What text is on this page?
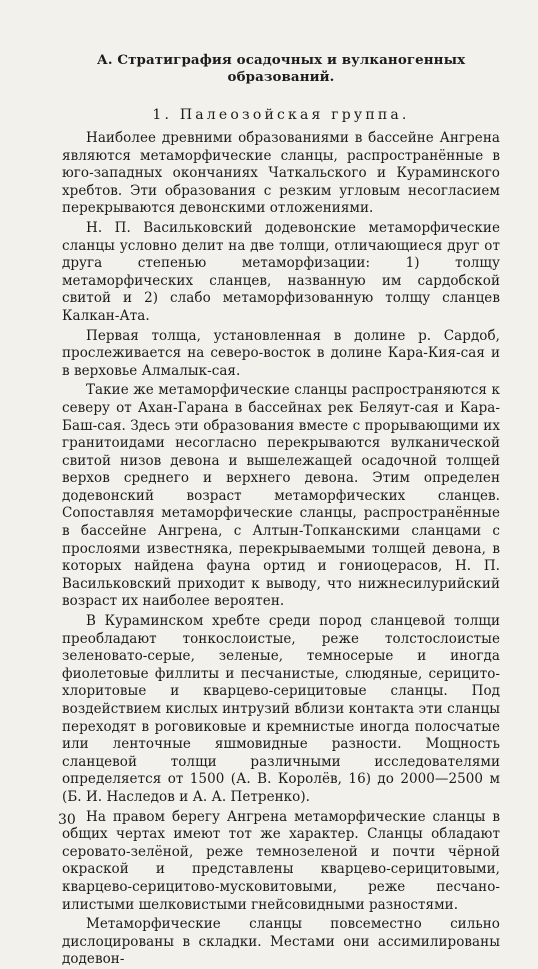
А. Стратиграфия осадочных и вулканогенных образований.
1. Палеозойская группа.

Наиболее древними образованиями в бассейне Ангрена являются метаморфические сланцы, распространённые в юго-западных окончаниях Чаткальского и Кураминского хребтов. Эти образования с резким угловым несогласием перекрываются девонскими отложениями.

Н. П. Васильковский додевонские метаморфические сланцы условно делит на две толщи, отличающиеся друг от друга степенью метаморфизации: 1) толщу метаморфических сланцев, названную им сардобской свитой и 2) слабо метаморфизованную толщу сланцев Калкан-Ата.

Первая толща, установленная в долине р. Сардоб, прослеживается на северо-восток в долине Кара-Кия-сая и в верховье Алмалык-сая.

Такие же метаморфические сланцы распространяются к северу от Ахан-Гарана в бассейнах рек Беляут-сая и Кара-Баш-сая. Здесь эти образования вместе с прорывающими их гранитоидами несогласно перекрываются вулканической свитой низов девона и вышележащей осадочной толщей верхов среднего и верхнего девона. Этим определен додевонский возраст метаморфических сланцев. Сопоставляя метаморфические сланцы, распространённые в бассейне Ангрена, с Алтын-Топканскими сланцами с прослоями известняка, перекрываемыми толщей девона, в которых найдена фауна ортид и гониоцерасов, Н. П. Васильковский приходит к выводу, что нижнесилурийский возраст их наиболее вероятен.

В Кураминском хребте среди пород сланцевой толщи преобладают тонкослоистые, реже толстослоистые зеленовато-серые, зеленые, темносерые и иногда фиолетовые филлиты и песчанистые, слюдяные, серицито-хлоритовые и кварцево-серицитовые сланцы. Под воздействием кислых интрузий вблизи контакта эти сланцы переходят в роговиковые и кремнистые иногда полосчатые или ленточные яшмовидные разности. Мощность сланцевой толщи различными исследователями определяется от 1500 (А. В. Королёв, 16) до 2000—2500 м (Б. И. Наследов и А. А. Петренко).

На правом берегу Ангрена метаморфические сланцы в общих чертах имеют тот же характер. Сланцы обладают серовато-зелёной, реже темнозеленой и почти чёрной окраской и представлены кварцево-серицитовыми, кварцево-серицитово-мусковитовыми, реже песчано-илистыми шелковистыми гнейсовидными разностями.

Метаморфические сланцы повсеместно сильно дислоцированы в складки. Местами они ассимилированы додевон-

30
